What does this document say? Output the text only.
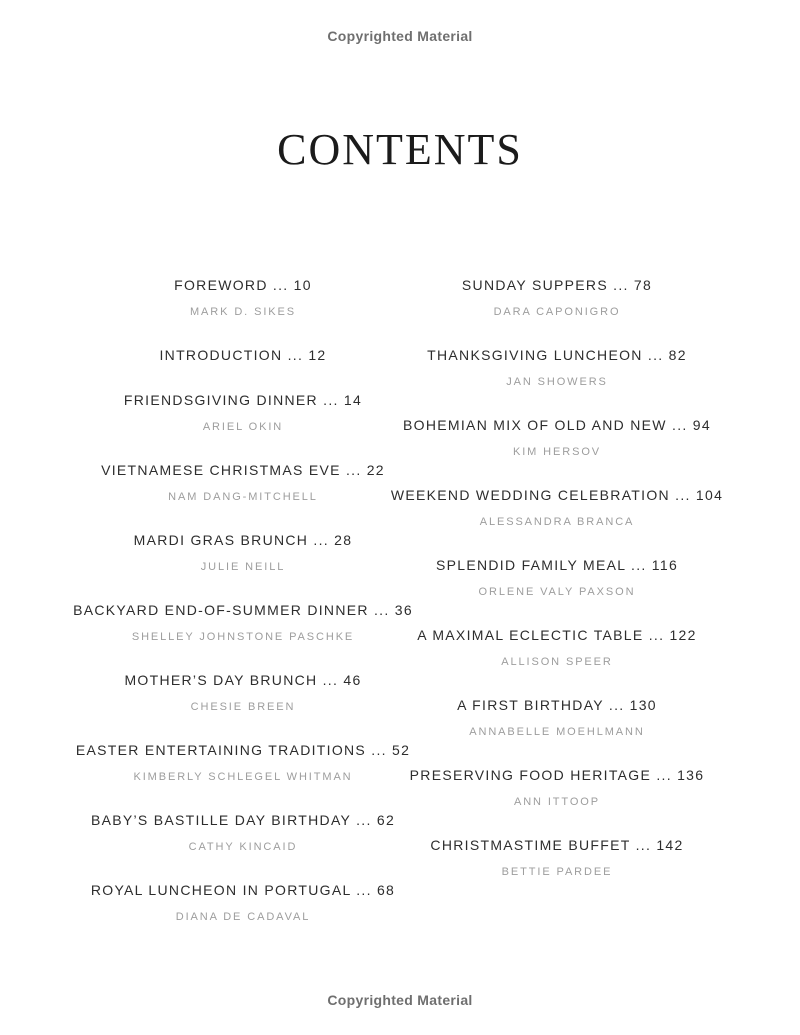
Copyrighted Material
CONTENTS
FOREWORD ... 10
MARK D. SIKES
INTRODUCTION ... 12
FRIENDSGIVING DINNER ... 14
ARIEL OKIN
VIETNAMESE CHRISTMAS EVE ... 22
NAM DANG-MITCHELL
MARDI GRAS BRUNCH ... 28
JULIE NEILL
BACKYARD END-OF-SUMMER DINNER ... 36
SHELLEY JOHNSTONE PASCHKE
MOTHER’S DAY BRUNCH ... 46
CHESIE BREEN
EASTER ENTERTAINING TRADITIONS ... 52
KIMBERLY SCHLEGEL WHITMAN
BABY’S BASTILLE DAY BIRTHDAY ... 62
CATHY KINCAID
ROYAL LUNCHEON IN PORTUGAL ... 68
DIANA DE CADAVAL
SUNDAY SUPPERS ... 78
DARA CAPONIGRO
THANKSGIVING LUNCHEON ... 82
JAN SHOWERS
BOHEMIAN MIX OF OLD AND NEW ... 94
KIM HERSOV
WEEKEND WEDDING CELEBRATION ... 104
ALESSANDRA BRANCA
SPLENDID FAMILY MEAL ... 116
ORLENE VALY PAXSON
A MAXIMAL ECLECTIC TABLE ... 122
ALLISON SPEER
A FIRST BIRTHDAY ... 130
ANNABELLE MOEHLMANN
PRESERVING FOOD HERITAGE ... 136
ANN ITTOOP
CHRISTMASTIME BUFFET ... 142
BETTIE PARDEE
Copyrighted Material
